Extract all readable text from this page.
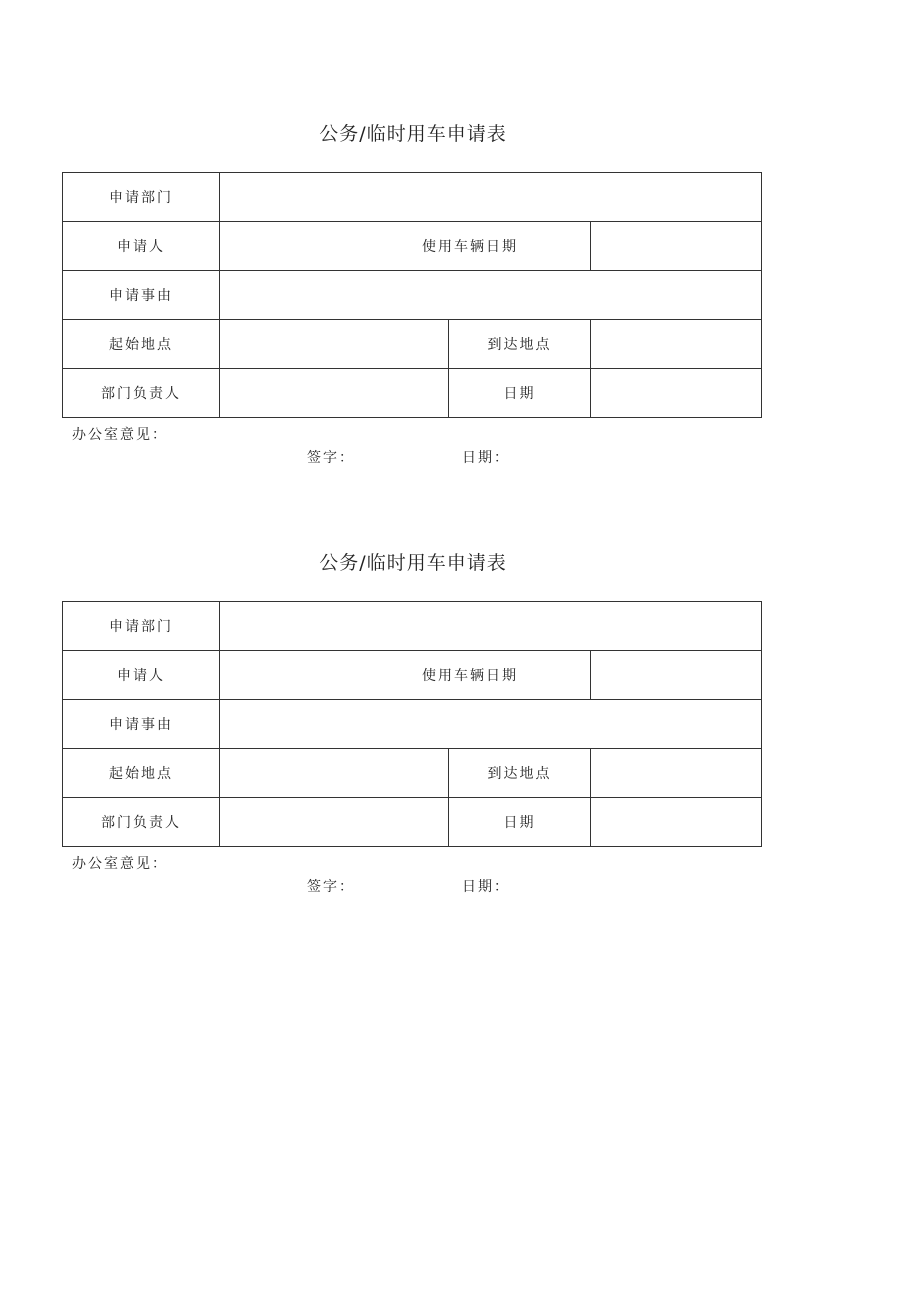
公务/临时用车申请表
申请部门			
申请人	使用车辆日期		
申请事由			
起始地点		到达地点	
部门负责人		日期	
办公室意见：
签字：	日期：
公务/临时用车申请表
申请部门			
申请人	使用车辆日期		
申请事由			
起始地点		到达地点	
部门负责人		日期	
办公室意见：
签字：	日期：
